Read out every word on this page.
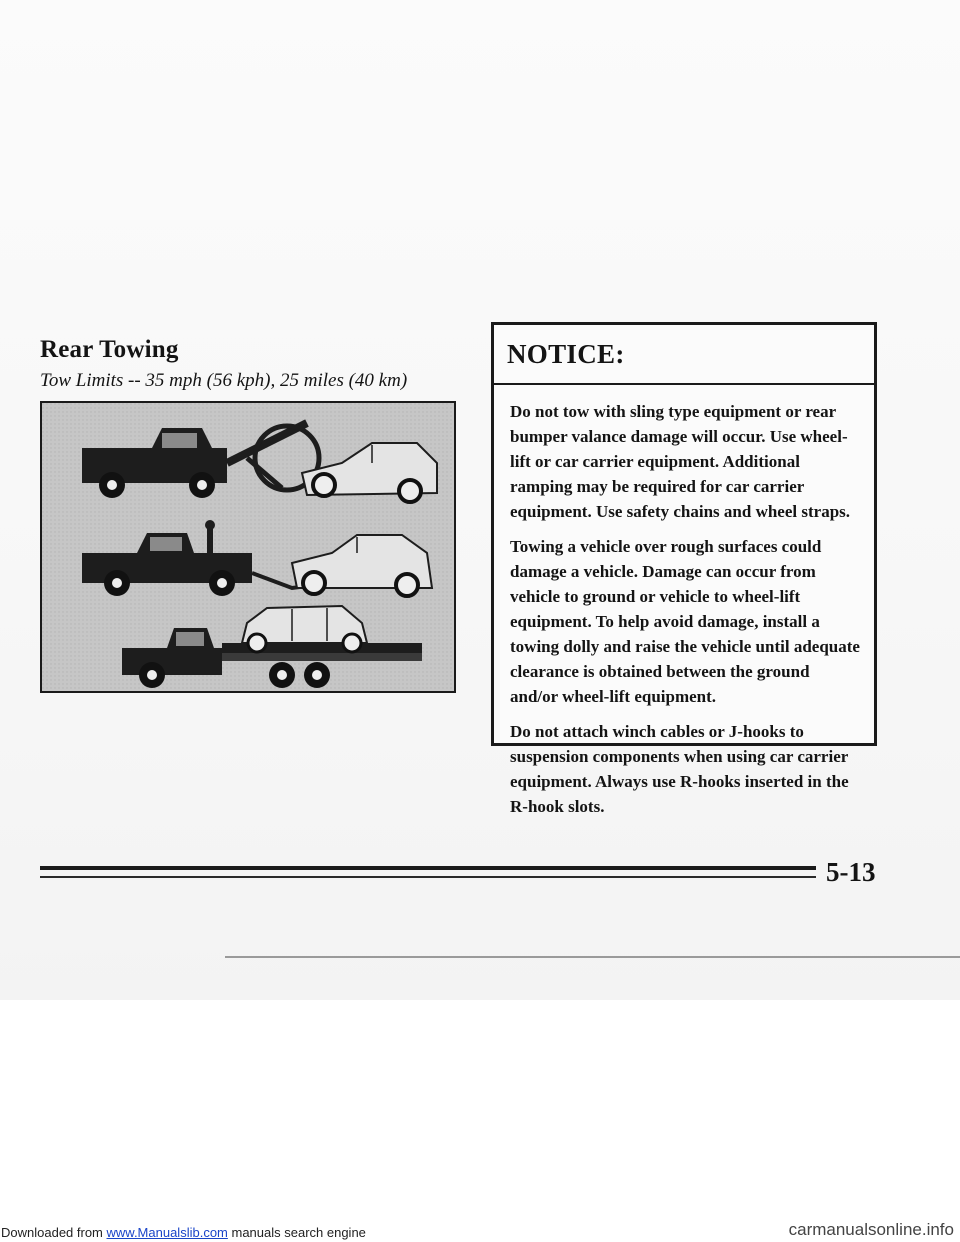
Rear Towing
Tow Limits -- 35 mph (56 kph), 25 miles (40 km)
NOTICE:

Do not tow with sling type equipment or rear bumper valance damage will occur. Use wheel-lift or car carrier equipment. Additional ramping may be required for car carrier equipment. Use safety chains and wheel straps.

Towing a vehicle over rough surfaces could damage a vehicle. Damage can occur from vehicle to ground or vehicle to wheel-lift equipment. To help avoid damage, install a towing dolly and raise the vehicle until adequate clearance is obtained between the ground and/or wheel-lift equipment.

Do not attach winch cables or J-hooks to suspension components when using car carrier equipment. Always use R-hooks inserted in the R-hook slots.

5-13
Downloaded from www.Manualslib.com manuals search engine	carmanualsonline.info
